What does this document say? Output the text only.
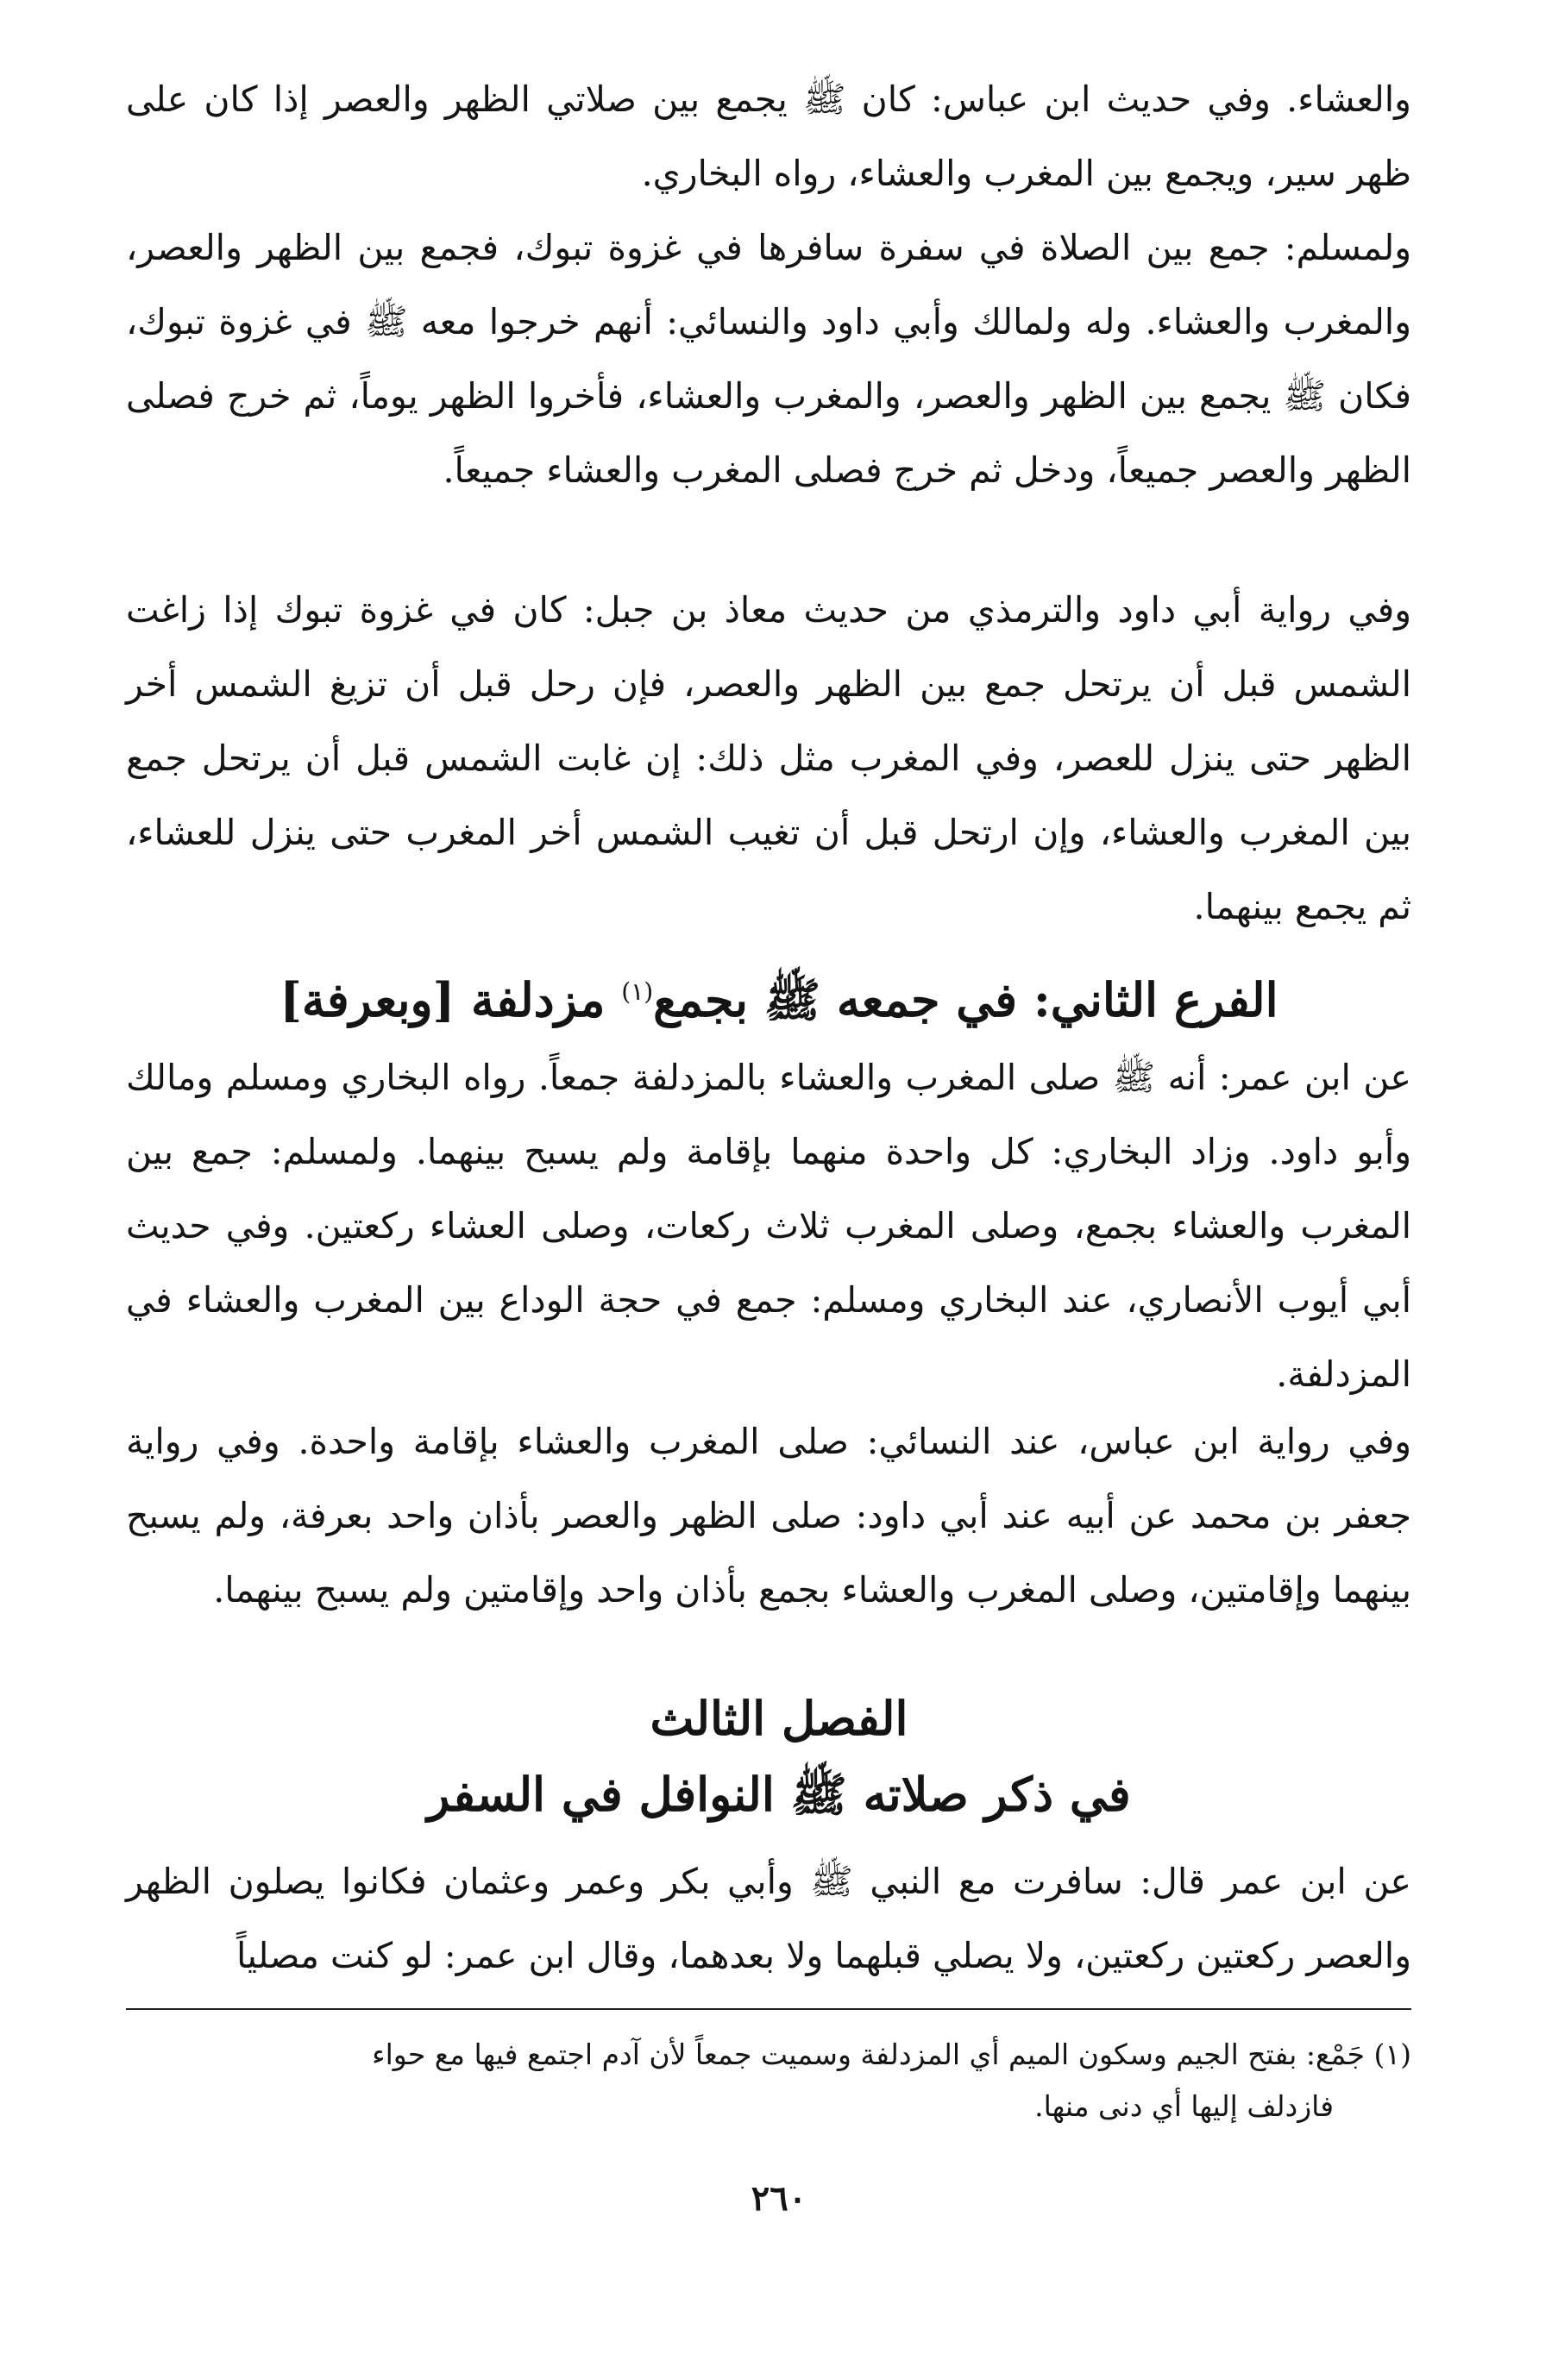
والعشاء. وفي حديث ابن عباس: كان ﷺ يجمع بين صلاتي الظهر والعصر إذا كان على ظهر سير، ويجمع بين المغرب والعشاء، رواه البخاري.

ولمسلم: جمع بين الصلاة في سفرة سافرها في غزوة تبوك، فجمع بين الظهر والعصر، والمغرب والعشاء. وله ولمالك وأبي داود والنسائي: أنهم خرجوا معه ﷺ في غزوة تبوك، فكان ﷺ يجمع بين الظهر والعصر، والمغرب والعشاء، فأخروا الظهر يوماً، ثم خرج فصلى الظهر والعصر جميعاً، ودخل ثم خرج فصلى المغرب والعشاء جميعاً.

وفي رواية أبي داود والترمذي من حديث معاذ بن جبل: كان في غزوة تبوك إذا زاغت الشمس قبل أن يرتحل جمع بين الظهر والعصر، فإن رحل قبل أن تزيغ الشمس أخر الظهر حتى ينزل للعصر، وفي المغرب مثل ذلك: إن غابت الشمس قبل أن يرتحل جمع بين المغرب والعشاء، وإن ارتحل قبل أن تغيب الشمس أخر المغرب حتى ينزل للعشاء، ثم يجمع بينهما.

الفرع الثاني: في جمعه ﷺ بجمع$^{(١)}$ مزدلفة [وبعرفة]

عن ابن عمر: أنه ﷺ صلى المغرب والعشاء بالمزدلفة جمعاً. رواه البخاري ومسلم ومالك وأبو داود. وزاد البخاري: كل واحدة منهما بإقامة ولم يسبح بينهما. ولمسلم: جمع بين المغرب والعشاء بجمع، وصلى المغرب ثلاث ركعات، وصلى العشاء ركعتين. وفي حديث أبي أيوب الأنصاري، عند البخاري ومسلم: جمع في حجة الوداع بين المغرب والعشاء في المزدلفة.

وفي رواية ابن عباس، عند النسائي: صلى المغرب والعشاء بإقامة واحدة. وفي رواية جعفر بن محمد عن أبيه عند أبي داود: صلى الظهر والعصر بأذان واحد بعرفة، ولم يسبح بينهما وإقامتين، وصلى المغرب والعشاء بجمع بأذان واحد وإقامتين ولم يسبح بينهما.

الفصل الثالث
في ذكر صلاته ﷺ النوافل في السفر

عن ابن عمر قال: سافرت مع النبي ﷺ وأبي بكر وعمر وعثمان فكانوا يصلون الظهر والعصر ركعتين ركعتين، ولا يصلي قبلهما ولا بعدهما، وقال ابن عمر: لو كنت مصلياً

(١) جَمْع: بفتح الجيم وسكون الميم أي المزدلفة وسميت جمعاً لأن آدم اجتمع فيها مع حواء

فازدلف إليها أي دنى منها.

٢٦٠
